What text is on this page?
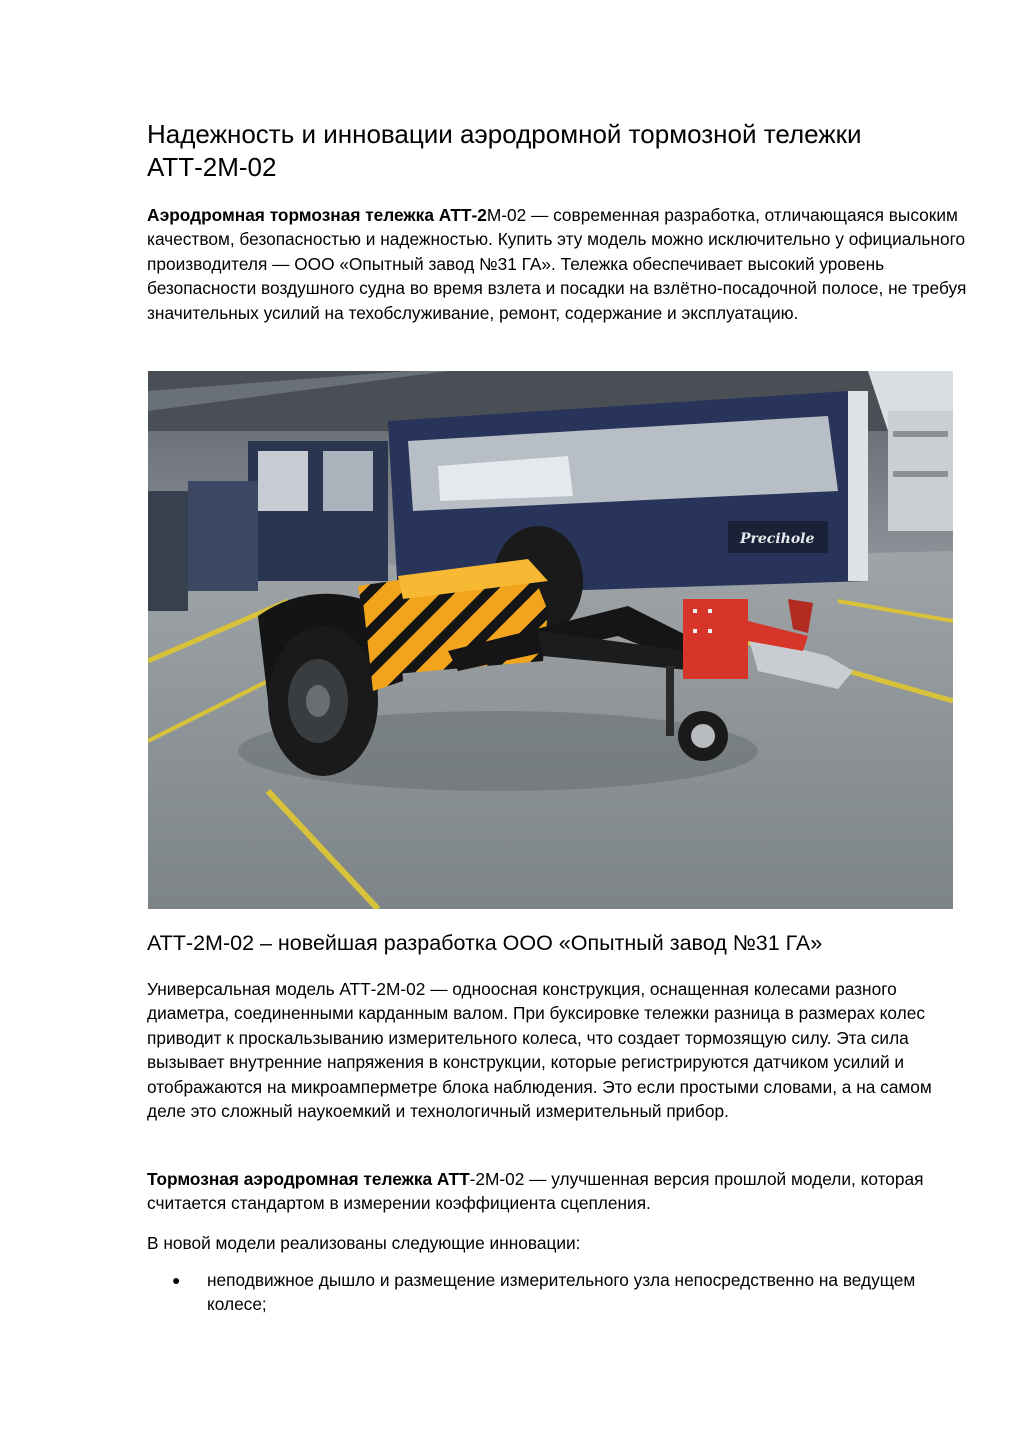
Надежность и инновации аэродромной тормозной тележки АТТ-2М-02

Аэродромная тормозная тележка АТТ-2М-02 — современная разработка, отличающаяся высоким качеством, безопасностью и надежностью. Купить эту модель можно исключительно у официального производителя — ООО «Опытный завод №31 ГА». Тележка обеспечивает высокий уровень безопасности воздушного судна во время взлета и посадки на взлётно-посадочной полосе, не требуя значительных усилий на техобслуживание, ремонт, содержание и эксплуатацию.

Precihole
АТТ-2М-02 – новейшая разработка ООО «Опытный завод №31 ГА»

Универсальная модель АТТ-2М-02 — одноосная конструкция, оснащенная колесами разного диаметра, соединенными карданным валом. При буксировке тележки разница в размерах колес приводит к проскальзыванию измерительного колеса, что создает тормозящую силу. Эта сила вызывает внутренние напряжения в конструкции, которые регистрируются датчиком усилий и отображаются на микроамперметре блока наблюдения. Это если простыми словами, а на самом деле это сложный наукоемкий и технологичный измерительный прибор.

Тормозная аэродромная тележка АТТ-2М-02 — улучшенная версия прошлой модели, которая считается стандартом в измерении коэффициента сцепления.

В новой модели реализованы следующие инновации:

● неподвижное дышло и размещение измерительного узла непосредственно на ведущем колесе;
